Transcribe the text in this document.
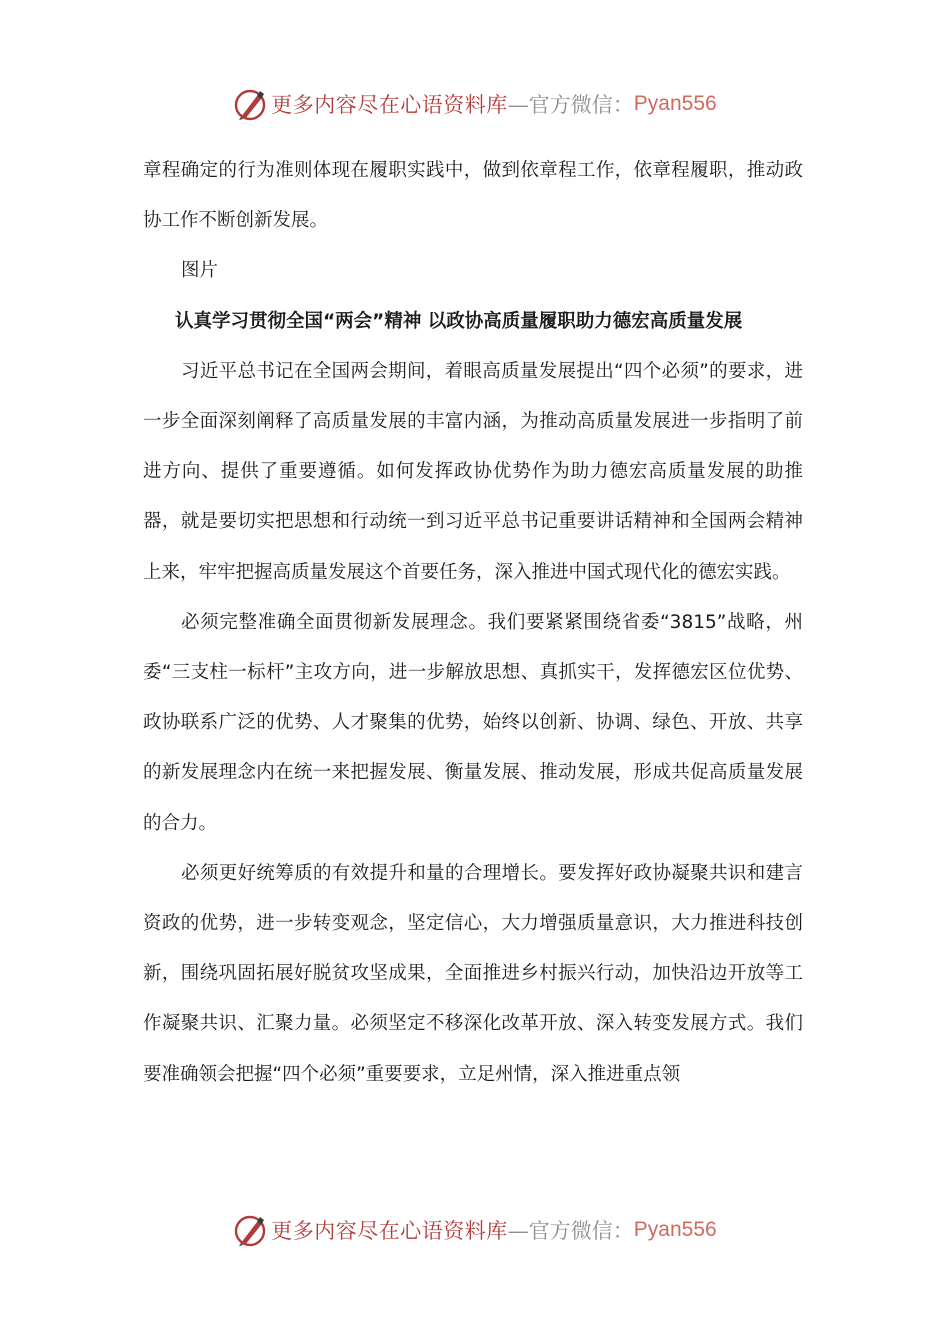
更多内容尽在心语资料库 —官方微信： Pyan556

章程确定的行为准则体现在履职实践中，做到依章程工作，依章程履职，推动政协工作不断创新发展。

图片

认真学习贯彻全国“两会”精神 以政协高质量履职助力德宏高质量发展

习近平总书记在全国两会期间，着眼高质量发展提出“四个必须”的要求，进一步全面深刻阐释了高质量发展的丰富内涵，为推动高质量发展进一步指明了前进方向、提供了重要遵循。如何发挥政协优势作为助力德宏高质量发展的助推器，就是要切实把思想和行动统一到习近平总书记重要讲话精神和全国两会精神上来，牢牢把握高质量发展这个首要任务，深入推进中国式现代化的德宏实践。

必须完整准确全面贯彻新发展理念。我们要紧紧围绕省委“3815”战略，州委“三支柱一标杆”主攻方向，进一步解放思想、真抓实干，发挥德宏区位优势、政协联系广泛的优势、人才聚集的优势，始终以创新、协调、绿色、开放、共享的新发展理念内在统一来把握发展、衡量发展、推动发展，形成共促高质量发展的合力。

必须更好统筹质的有效提升和量的合理增长。要发挥好政协凝聚共识和建言资政的优势，进一步转变观念，坚定信心，大力增强质量意识，大力推进科技创新，围绕巩固拓展好脱贫攻坚成果，全面推进乡村振兴行动，加快沿边开放等工作凝聚共识、汇聚力量。必须坚定不移深化改革开放、深入转变发展方式。我们要准确领会把握“四个必须”重要要求，立足州情，深入推进重点领

更多内容尽在心语资料库 —官方微信： Pyan556
